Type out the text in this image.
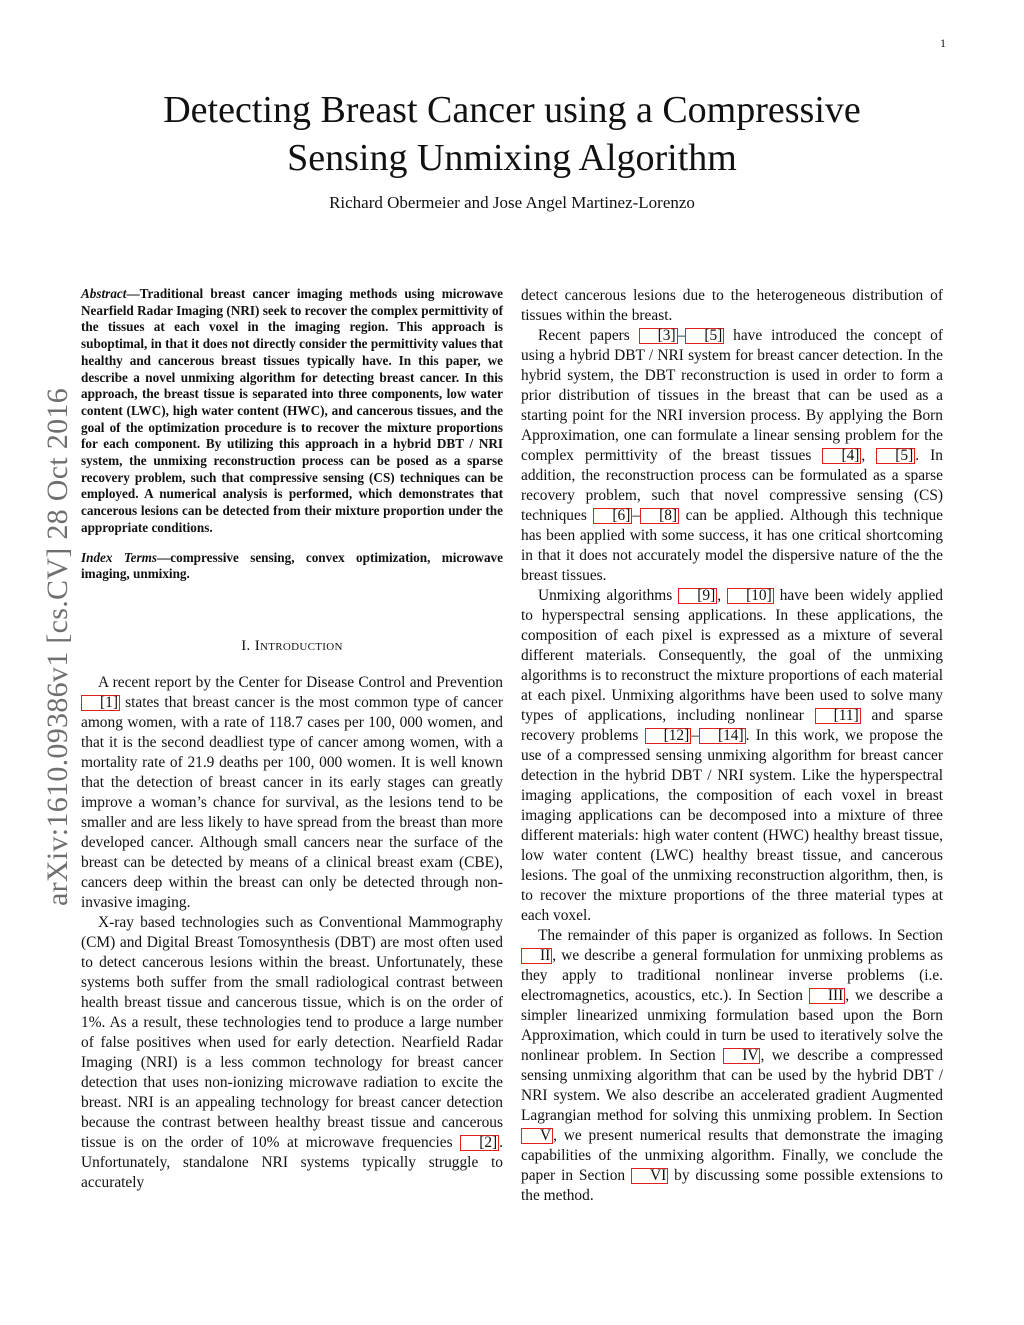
1
Detecting Breast Cancer using a Compressive
Sensing Unmixing Algorithm
Richard Obermeier and Jose Angel Martinez-Lorenzo
arXiv:1610.09386v1 [cs.CV] 28 Oct 2016

Abstract—Traditional breast cancer imaging methods using microwave Nearfield Radar Imaging (NRI) seek to recover the complex permittivity of the tissues at each voxel in the imaging region. This approach is suboptimal, in that it does not directly consider the permittivity values that healthy and cancerous breast tissues typically have. In this paper, we describe a novel unmixing algorithm for detecting breast cancer. In this approach, the breast tissue is separated into three components, low water content (LWC), high water content (HWC), and cancerous tissues, and the goal of the optimization procedure is to recover the mixture proportions for each component. By utilizing this approach in a hybrid DBT / NRI system, the unmixing reconstruction process can be posed as a sparse recovery problem, such that compressive sensing (CS) techniques can be employed. A numerical analysis is performed, which demonstrates that cancerous lesions can be detected from their mixture proportion under the appropriate conditions.

Index Terms—compressive sensing, convex optimization, microwave imaging, unmixing.

I. Introduction

A recent report by the Center for Disease Control and Prevention [1] states that breast cancer is the most common type of cancer among women, with a rate of 118.7 cases per 100, 000 women, and that it is the second deadliest type of cancer among women, with a mortality rate of 21.9 deaths per 100, 000 women. It is well known that the detection of breast cancer in its early stages can greatly improve a woman’s chance for survival, as the lesions tend to be smaller and are less likely to have spread from the breast than more developed cancer. Although small cancers near the surface of the breast can be detected by means of a clinical breast exam (CBE), cancers deep within the breast can only be detected through non-invasive imaging.

X-ray based technologies such as Conventional Mammography (CM) and Digital Breast Tomosynthesis (DBT) are most often used to detect cancerous lesions within the breast. Unfortunately, these systems both suffer from the small radiological contrast between health breast tissue and cancerous tissue, which is on the order of 1%. As a result, these technologies tend to produce a large number of false positives when used for early detection. Nearfield Radar Imaging (NRI) is a less common technology for breast cancer detection that uses non-ionizing microwave radiation to excite the breast. NRI is an appealing technology for breast cancer detection because the contrast between healthy breast tissue and cancerous tissue is on the order of 10% at microwave frequencies [2] . Unfortunately, standalone NRI systems typically struggle to accurately

detect cancerous lesions due to the heterogeneous distribution of tissues within the breast.

Recent papers [3] – [5] have introduced the concept of using a hybrid DBT / NRI system for breast cancer detection. In the hybrid system, the DBT reconstruction is used in order to form a prior distribution of tissues in the breast that can be used as a starting point for the NRI inversion process. By applying the Born Approximation, one can formulate a linear sensing problem for the complex permittivity of the breast tissues [4] , [5] . In addition, the reconstruction process can be formulated as a sparse recovery problem, such that novel compressive sensing (CS) techniques [6] – [8] can be applied. Although this technique has been applied with some success, it has one critical shortcoming in that it does not accurately model the dispersive nature of the the breast tissues.

Unmixing algorithms [9] , [10] have been widely applied to hyperspectral sensing applications. In these applications, the composition of each pixel is expressed as a mixture of several different materials. Consequently, the goal of the unmixing algorithms is to reconstruct the mixture proportions of each material at each pixel. Unmixing algorithms have been used to solve many types of applications, including nonlinear [11] and sparse recovery problems [12] – [14] . In this work, we propose the use of a compressed sensing unmixing algorithm for breast cancer detection in the hybrid DBT / NRI system. Like the hyperspectral imaging applications, the composition of each voxel in breast imaging applications can be decomposed into a mixture of three different materials: high water content (HWC) healthy breast tissue, low water content (LWC) healthy breast tissue, and cancerous lesions. The goal of the unmixing reconstruction algorithm, then, is to recover the mixture proportions of the three material types at each voxel.

The remainder of this paper is organized as follows. In Section II , we describe a general formulation for unmixing problems as they apply to traditional nonlinear inverse problems (i.e. electromagnetics, acoustics, etc.). In Section III , we describe a simpler linearized unmixing formulation based upon the Born Approximation, which could in turn be used to iteratively solve the nonlinear problem. In Section IV , we describe a compressed sensing unmixing algorithm that can be used by the hybrid DBT / NRI system. We also describe an accelerated gradient Augmented Lagrangian method for solving this unmixing problem. In Section V , we present numerical results that demonstrate the imaging capabilities of the unmixing algorithm. Finally, we conclude the paper in Section VI by discussing some possible extensions to the method.
